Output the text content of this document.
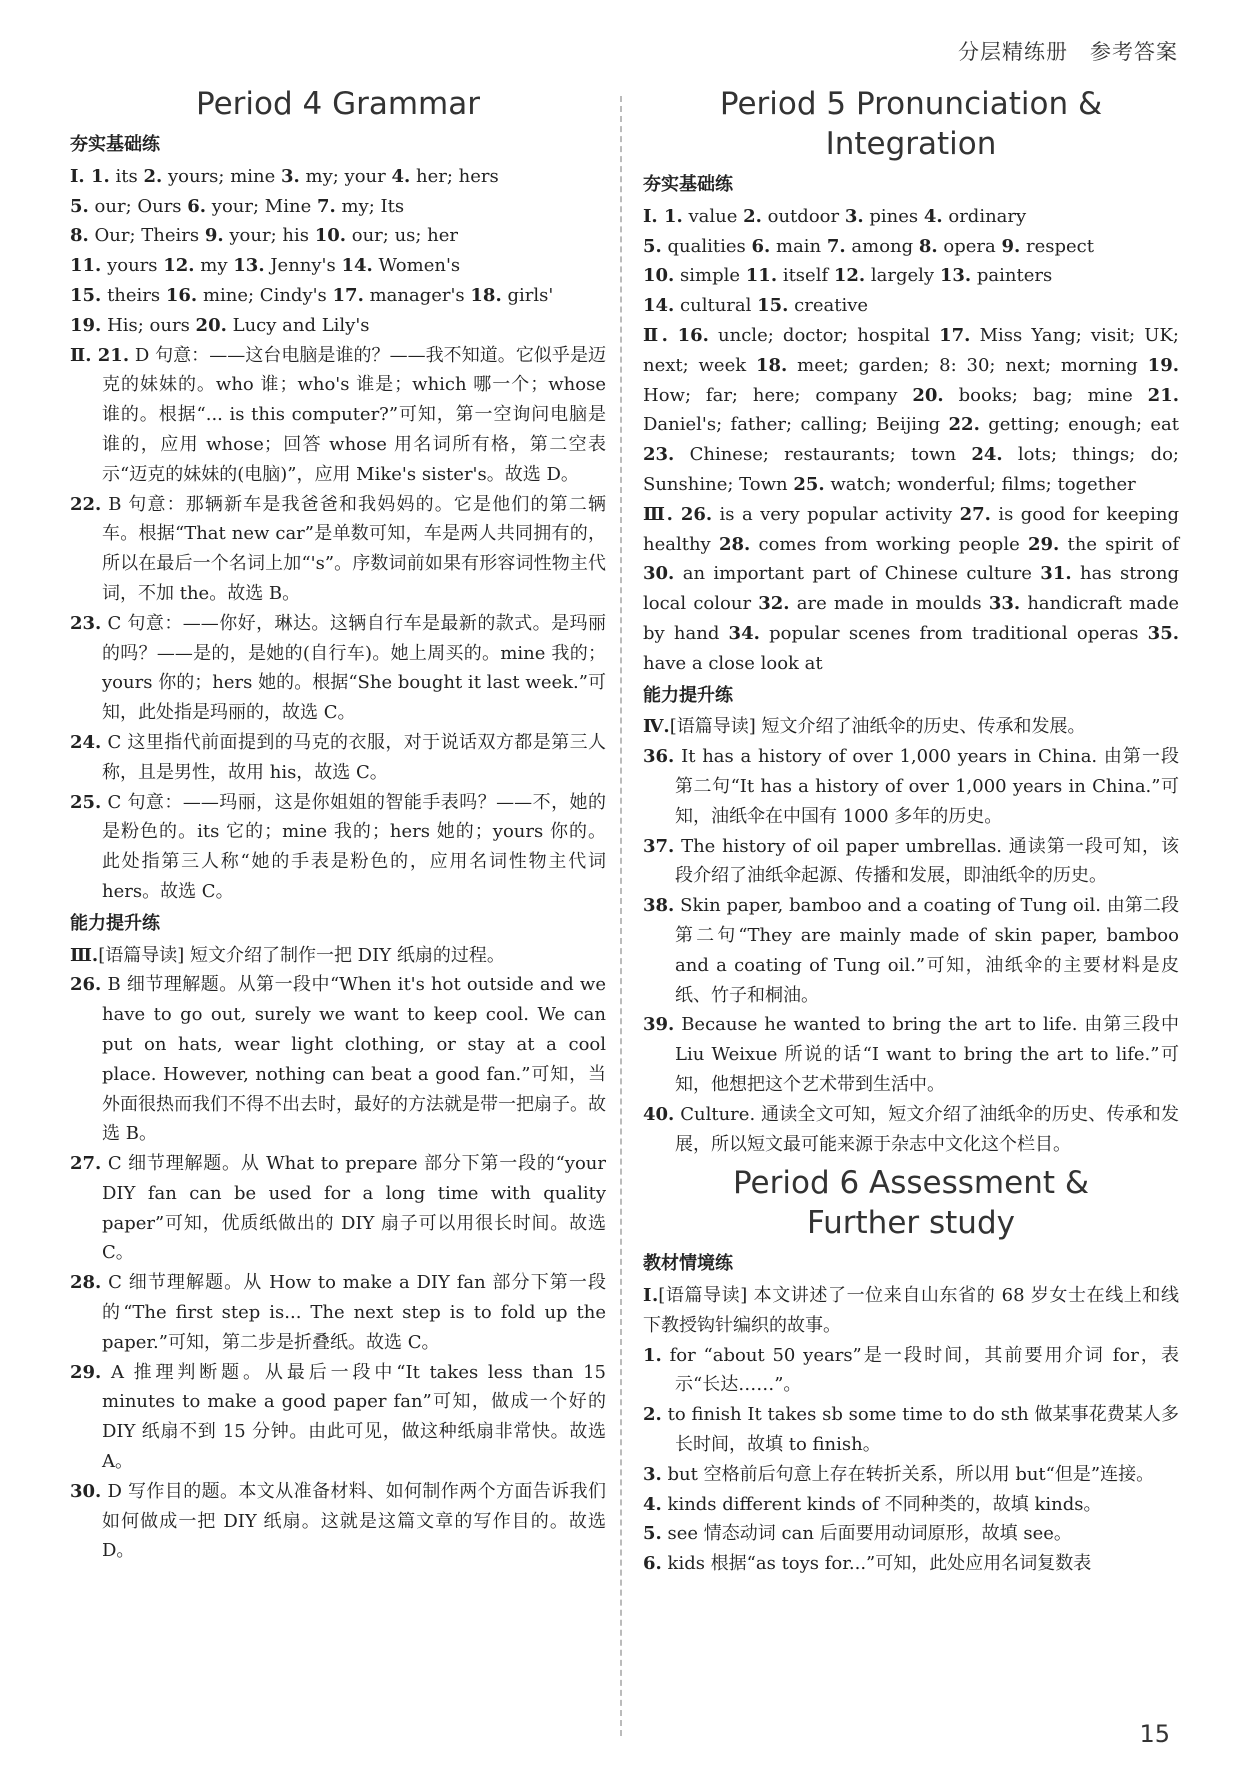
分层精练册 参考答案
Period 4 Grammar
夯实基础练

Ⅰ. 1. its 2. yours; mine 3. my; your 4. her; hers

5. our; Ours 6. your; Mine 7. my; Its

8. Our; Theirs 9. your; his 10. our; us; her

11. yours 12. my 13. Jenny's 14. Women's

15. theirs 16. mine; Cindy's 17. manager's 18. girls'

19. His; ours 20. Lucy and Lily's

Ⅱ. 21. D 句意：——这台电脑是谁的？——我不知道。它似乎是迈克的妹妹的。who 谁；who's 谁是；which 哪一个；whose 谁的。根据“... is this computer?”可知，第一空询问电脑是谁的，应用 whose；回答 whose 用名词所有格，第二空表示“迈克的妹妹的(电脑)”，应用 Mike's sister's。故选 D。

22. B 句意：那辆新车是我爸爸和我妈妈的。它是他们的第二辆车。根据“That new car”是单数可知，车是两人共同拥有的，所以在最后一个名词上加“'s”。序数词前如果有形容词性物主代词，不加 the。故选 B。

23. C 句意：——你好，琳达。这辆自行车是最新的款式。是玛丽的吗？——是的，是她的(自行车)。她上周买的。mine 我的；yours 你的；hers 她的。根据“She bought it last week.”可知，此处指是玛丽的，故选 C。

24. C 这里指代前面提到的马克的衣服，对于说话双方都是第三人称，且是男性，故用 his，故选 C。

25. C 句意：——玛丽，这是你姐姐的智能手表吗？——不，她的是粉色的。its 它的；mine 我的；hers 她的；yours 你的。此处指第三人称“她的手表是粉色的，应用名词性物主代词 hers。故选 C。

能力提升练

Ⅲ.[语篇导读] 短文介绍了制作一把 DIY 纸扇的过程。

26. B 细节理解题。从第一段中“When it's hot outside and we have to go out, surely we want to keep cool. We can put on hats, wear light clothing, or stay at a cool place. However, nothing can beat a good fan.”可知，当外面很热而我们不得不出去时，最好的方法就是带一把扇子。故选 B。

27. C 细节理解题。从 What to prepare 部分下第一段的“your DIY fan can be used for a long time with quality paper”可知，优质纸做出的 DIY 扇子可以用很长时间。故选 C。

28. C 细节理解题。从 How to make a DIY fan 部分下第一段的“The first step is... The next step is to fold up the paper.”可知，第二步是折叠纸。故选 C。

29. A 推理判断题。从最后一段中“It takes less than 15 minutes to make a good paper fan”可知，做成一个好的 DIY 纸扇不到 15 分钟。由此可见，做这种纸扇非常快。故选 A。

30. D 写作目的题。本文从准备材料、如何制作两个方面告诉我们如何做成一把 DIY 纸扇。这就是这篇文章的写作目的。故选 D。

Period 5 Pronunciation &
Integration
夯实基础练

Ⅰ. 1. value 2. outdoor 3. pines 4. ordinary

5. qualities 6. main 7. among 8. opera 9. respect

10. simple 11. itself 12. largely 13. painters

14. cultural 15. creative

Ⅱ. 16. uncle; doctor; hospital 17. Miss Yang; visit; UK; next; week 18. meet; garden; 8: 30; next; morning 19. How; far; here; company 20. books; bag; mine 21. Daniel's; father; calling; Beijing 22. getting; enough; eat 23. Chinese; restaurants; town 24. lots; things; do; Sunshine; Town 25. watch; wonderful; films; together

Ⅲ. 26. is a very popular activity 27. is good for keeping healthy 28. comes from working people 29. the spirit of 30. an important part of Chinese culture 31. has strong local colour 32. are made in moulds 33. handicraft made by hand 34. popular scenes from traditional operas 35. have a close look at

能力提升练

Ⅳ.[语篇导读] 短文介绍了油纸伞的历史、传承和发展。

36. It has a history of over 1,000 years in China. 由第一段第二句“It has a history of over 1,000 years in China.”可知，油纸伞在中国有 1000 多年的历史。

37. The history of oil paper umbrellas. 通读第一段可知，该段介绍了油纸伞起源、传播和发展，即油纸伞的历史。

38. Skin paper, bamboo and a coating of Tung oil. 由第二段第二句“They are mainly made of skin paper, bamboo and a coating of Tung oil.”可知，油纸伞的主要材料是皮纸、竹子和桐油。

39. Because he wanted to bring the art to life. 由第三段中 Liu Weixue 所说的话“I want to bring the art to life.”可知，他想把这个艺术带到生活中。

40. Culture. 通读全文可知，短文介绍了油纸伞的历史、传承和发展，所以短文最可能来源于杂志中文化这个栏目。

Period 6 Assessment &
Further study
教材情境练

Ⅰ.[语篇导读] 本文讲述了一位来自山东省的 68 岁女士在线上和线下教授钩针编织的故事。

1. for “about 50 years”是一段时间，其前要用介词 for，表示“长达……”。

2. to finish It takes sb some time to do sth 做某事花费某人多长时间，故填 to finish。

3. but 空格前后句意上存在转折关系，所以用 but“但是”连接。

4. kinds different kinds of 不同种类的，故填 kinds。

5. see 情态动词 can 后面要用动词原形，故填 see。

6. kids 根据“as toys for...”可知，此处应用名词复数表

15
